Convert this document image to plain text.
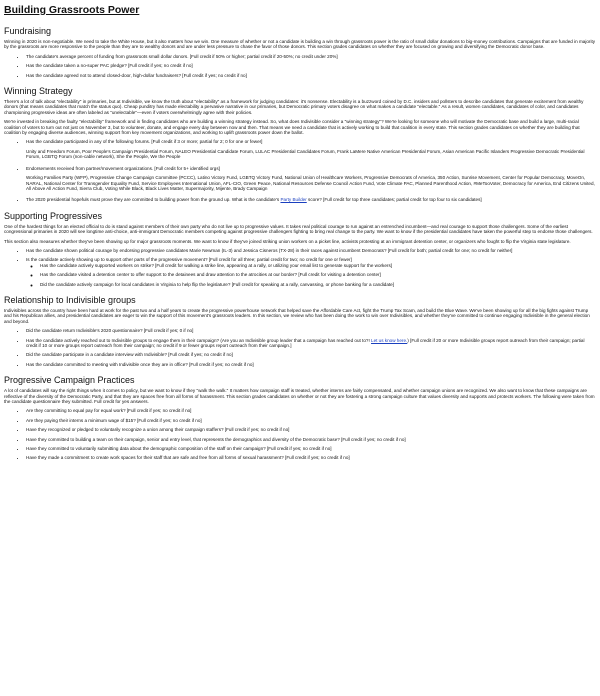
Building Grassroots Power
Fundraising

Winning in 2020 is non-negotiable. We need to take the White House, but it also matters how we win. One measure of whether or not a candidate is building a win through grassroots power is the ratio of small dollar donations to big-money contributions. Campaigns that are funded in majority by the grassroots are more responsive to the people than they are to wealthy donors and are under less pressure to chase the favor of those donors. This section grades candidates on whether they are focused on growing and diversifying the Democratic donor base.

• The candidate's average percent of funding from grassroots small dollar donors. [Full credit if 50% or higher; partial credit if 20-50%; no credit under 20%]
• Has the candidate taken a no-super PAC pledge? [Full credit if yes; no credit if no]
• Has the candidate agreed not to attend closed-door, high-dollar fundraisers? [Full credit if yes; no credit if no]
Winning Strategy

There's a lot of talk about "electability" in primaries, but at Indivisible, we know the truth about "electability" as a framework for judging candidates: it's nonsense. Electability is a buzzword coined by D.C. insiders and pollsters to describe candidates that generate excitement from wealthy donors (that means candidates that match the status quo). Cheap punditry has made electability a pervasive narrative in our primaries, but Democratic primary voters disagree on what makes a candidate "electable." As a result, women candidates, candidates of color, and candidates championing progressive ideas are often labeled as "unelectable"—even if voters overwhelmingly agree with their policies.

We're invested in breaking the faulty "electability" framework and in finding candidates who are building a winning strategy instead. So, what does Indivisible consider a "winning strategy"? We're looking for someone who will motivate the Democratic base and build a large, multi-racial coalition of voters to turn out not just on November 3, but to volunteer, donate, and engage every day between now and then. That means we need a candidate that is actively working to build that coalition in every state. This section grades candidates on whether they are building that coalition by engaging diverse audiences, winning support from key movement organizations, and working to uplift grassroots power down the ballot.

• Has the candidate participated in any of the following forums. [Full credit if 3 or more; partial for 2; 0 for one or fewer]
Unity and Freedom Forum, Poor People's Campaign Presidential Forum, NALEO Presidential Candidate Forum, LULAC Presidential Candidates Forum, Frank LaMere Native American Presidential Forum, Asian American Pacific Islanders Progressive Democratic Presidential Forum, LGBTQ Forum (non-cable network), She the People, We the People
• Endorsements received from partner/movement organizations. [Full credit for 5+ identified orgs]
Working Families Party (WFP), Progressive Change Campaign Committee (PCCC), Latino Victory Fund, LGBTQ Victory Fund, National Union of Healthcare Workers, Progressive Democrats of America, 350 Action, Sunrise Movement, Center for Popular Democracy, MoveOn, NARAL, National Center for Transgender Equality Fund, Service Employees International Union, AFL-CIO, Green Peace, National Resources Defense Council Action Fund, Vote Climate PAC, Planned Parenthood Action, #MeTooVoter, Democracy for America, End Citizens United, All Above All Action Fund, Sierra Club, Voting While Black, Black Lives Matter, Supermajority, Mijente, Brady Campaign
• The 2020 presidential hopefuls must prove they are committed to building power from the ground up. What is the candidate's Party Builder score? [Full credit for top three candidates; partial credit for top four to six candidates]
Supporting Progressives

One of the hardest things for an elected official to do is stand against members of their own party who do not live up to progressive values. It takes real political courage to run against an entrenched incumbent—and real courage to support those challengers. Some of the earliest congressional primaries in 2020 will see longtime anti-choice, anti-immigrant Democratic members competing against progressive challengers fighting to bring real change to the party. We want to know if the presidential candidates have taken the powerful step to endorse those challengers.

This section also measures whether they've been showing up for major grassroots moments. We want to know if they've joined striking union workers on a picket line, activists protesting at an immigrant detention center, or organizers who fought to flip the Virginia state legislature.

• Has the candidate shown political courage by endorsing progressive candidates Marie Newman (IL-3) and Jessica Cisneros (TX-28) in their races against incumbent Democrats? [Full credit for both; partial credit for one; no credit for neither]
• Is the candidate actively showing up to support other parts of the progressive movement? [Full credit for all three; partial credit for two; no credit for one or fewer]
◦ Has the candidate actively supported workers on strike? [Full credit for walking a strike line, appearing at a rally, or utilizing your email list to generate support for the workers]
◦ Has the candidate visited a detention center to offer support to the detainees and draw attention to the atrocities at our border? [Full credit for visiting a detention center]
◦ Did the candidate actively campaign for local candidates in Virginia to help flip the legislature? [Full credit for speaking at a rally, canvassing, or phone banking for a candidate]
Relationship to Indivisible groups

Indivisibles across the country have been hard at work for the past two and a half years to create the progressive powerhouse network that helped save the Affordable Care Act, fight the Trump Tax Scam, and build the Blue Wave. We've been showing up for all the big fights against Trump and his Republican allies, and presidential candidates are eager to win the support of this movement's grassroots leaders. In this section, we review who has been doing the work to win over Indivisibles, and whether they've committed to continue engaging Indivisible in the general election and beyond.

• Did the candidate return Indivisible's 2020 questionnaire? [Full credit if yes; 0 if no]
• Has the candidate actively reached out to Indivisible groups to engage them in their campaign? (Are you an Indivisible group leader that a campaign has reached out to?! Let us know here.) [Full credit if 20 or more Indivisible groups report outreach from their campaign; partial credit if 10 or more groups report outreach from their campaign; no credit if 9 or fewer groups report outreach from their campaign.]
• Did the candidate participate in a candidate interview with Indivisible? [Full credit if yes; no credit if no]
• Has the candidate committed to meeting with Indivisible once they are in office? [Full credit if yes; no credit if no]
Progressive Campaign Practices

A lot of candidates will say the right things when it comes to policy, but we want to know if they "walk the walk." It matters how campaign staff is treated, whether interns are fairly compensated, and whether campaign unions are recognized. We also want to know that these campaigns are reflective of the diversity of the Democratic Party, and that they are spaces free from all forms of harassment. This section grades candidates on whether or not they are fostering a strong campaign culture that values diversity and supports and protects workers. The following were taken from the candidate questionnaire they submitted. Full credit for yes answers.

• Are they committing to equal pay for equal work? [Full credit if yes; no credit if no]
• Are they paying their interns a minimum wage of $15? [Full credit if yes; no credit if no]
• Have they recognized or pledged to voluntarily recognize a union among their campaign staffers? [Full credit if yes; no credit if no]
• Have they committed to building a team on their campaign, senior and entry level, that represents the demographics and diversity of the Democratic base? [Full credit if yes; no credit if no]
• Have they committed to voluntarily submitting data about the demographic composition of the staff on their campaign? [Full credit if yes; no credit if no]
• Have they made a commitment to create work spaces for their staff that are safe and free from all forms of sexual harassment? [Full credit if yes; no credit if no]
